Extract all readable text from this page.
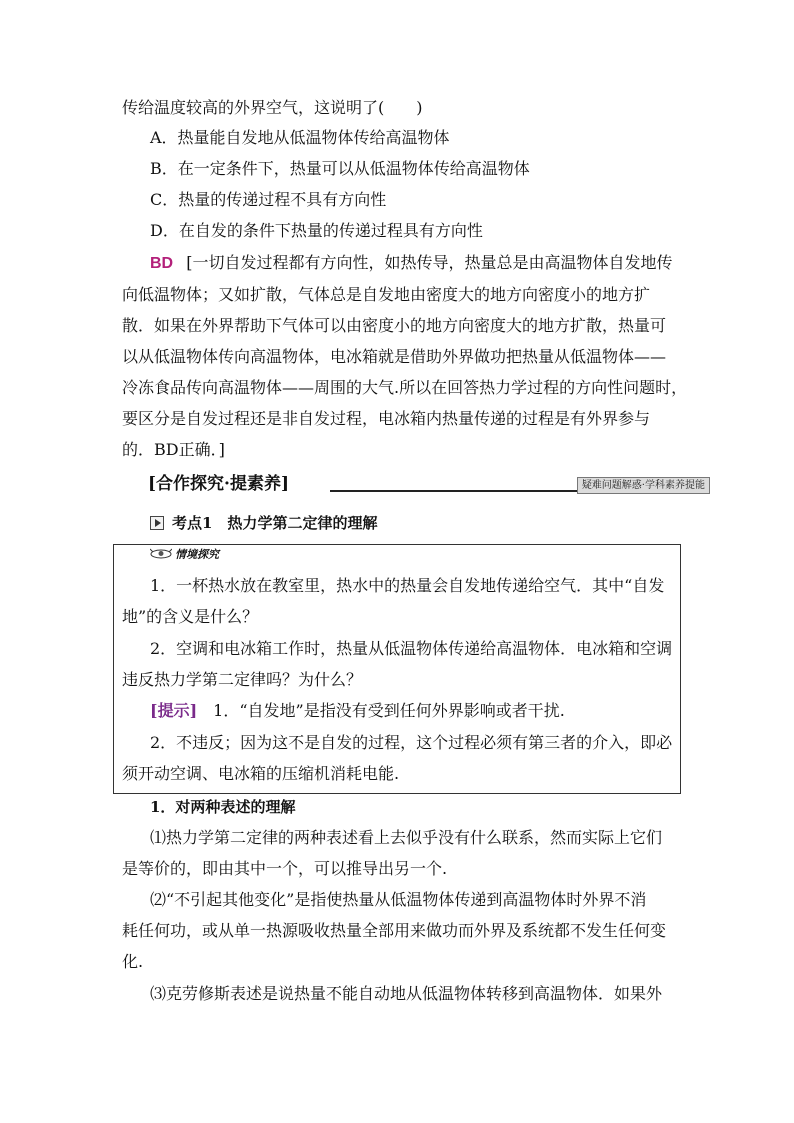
传给温度较高的外界空气，这说明了(　　)
A．热量能自发地从低温物体传给高温物体
B．在一定条件下，热量可以从低温物体传给高温物体
C．热量的传递过程不具有方向性
D．在自发的条件下热量的传递过程具有方向性
BD [一切自发过程都有方向性，如热传导，热量总是由高温物体自发地传
向低温物体；又如扩散，气体总是自发地由密度大的地方向密度小的地方扩
散．如果在外界帮助下气体可以由密度小的地方向密度大的地方扩散，热量可
以从低温物体传向高温物体，电冰箱就是借助外界做功把热量从低温物体——
冷冻食品传向高温物体——周围的大气.所以在回答热力学过程的方向性问题时，
要区分是自发过程还是非自发过程，电冰箱内热量传递的过程是有外界参与
的．BD正确．]
[合作探究·提素养]	疑难问题解惑·学科素养提能
考点1　热力学第二定律的理解
情境探究
1．一杯热水放在教室里，热水中的热量会自发地传递给空气．其中“自发
地”的含义是什么？
2．空调和电冰箱工作时，热量从低温物体传递给高温物体．电冰箱和空调
违反热力学第二定律吗？为什么？
[提示]　1．“自发地”是指没有受到任何外界影响或者干扰.
2．不违反；因为这不是自发的过程，这个过程必须有第三者的介入，即必
须开动空调、电冰箱的压缩机消耗电能.
1．对两种表述的理解
⑴热力学第二定律的两种表述看上去似乎没有什么联系，然而实际上它们
是等价的，即由其中一个，可以推导出另一个.
⑵“不引起其他变化”是指使热量从低温物体传递到高温物体时外界不消
耗任何功，或从单一热源吸收热量全部用来做功而外界及系统都不发生任何变
化.
⑶克劳修斯表述是说热量不能自动地从低温物体转移到高温物体．如果外
